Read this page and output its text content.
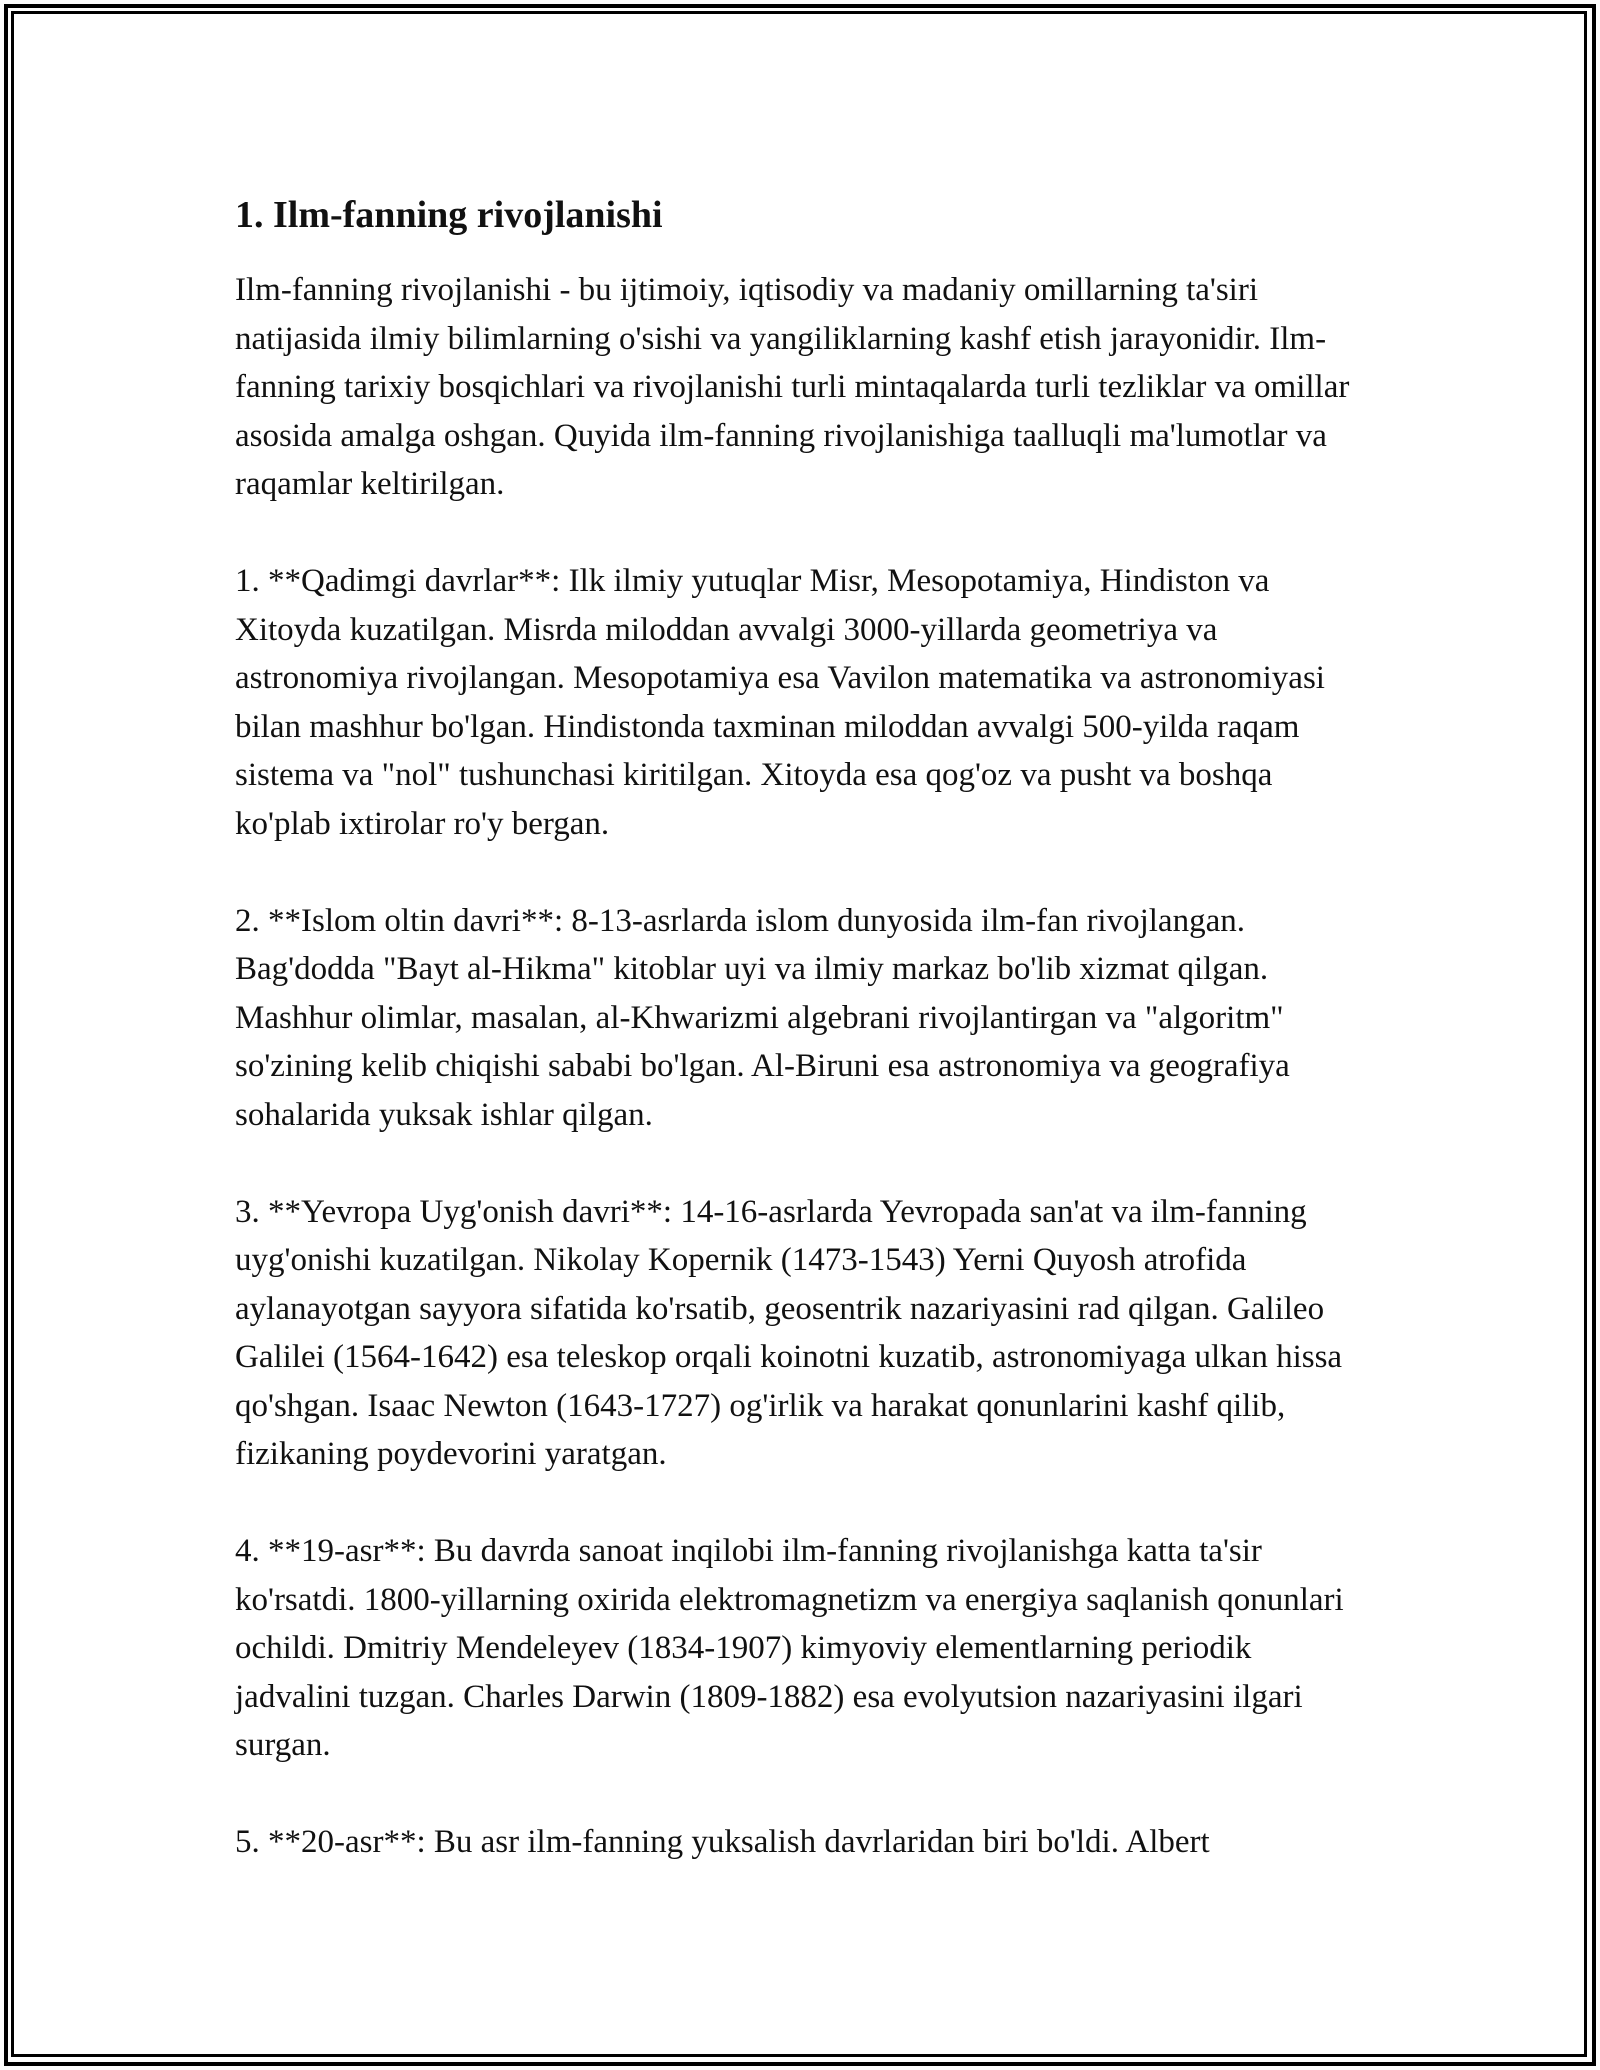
1. Ilm-fanning rivojlanishi

Ilm-fanning rivojlanishi - bu ijtimoiy, iqtisodiy va madaniy omillarning ta'siri natijasida ilmiy bilimlarning o'sishi va yangiliklarning kashf etish jarayonidir. Ilm-fanning tarixiy bosqichlari va rivojlanishi turli mintaqalarda turli tezliklar va omillar asosida amalga oshgan. Quyida ilm-fanning rivojlanishiga taalluqli ma'lumotlar va raqamlar keltirilgan.

1. **Qadimgi davrlar**: Ilk ilmiy yutuqlar Misr, Mesopotamiya, Hindiston va Xitoyda kuzatilgan. Misrda miloddan avvalgi 3000-yillarda geometriya va astronomiya rivojlangan. Mesopotamiya esa Vavilon matematika va astronomiyasi bilan mashhur bo'lgan. Hindistonda taxminan miloddan avvalgi 500-yilda raqam sistema va "nol" tushunchasi kiritilgan. Xitoyda esa qog'oz va pusht va boshqa ko'plab ixtirolar ro'y bergan.

2. **Islom oltin davri**: 8-13-asrlarda islom dunyosida ilm-fan rivojlangan. Bag'dodda "Bayt al-Hikma" kitoblar uyi va ilmiy markaz bo'lib xizmat qilgan. Mashhur olimlar, masalan, al-Khwarizmi algebrani rivojlantirgan va "algoritm" so'zining kelib chiqishi sababi bo'lgan. Al-Biruni esa astronomiya va geografiya sohalarida yuksak ishlar qilgan.

3. **Yevropa Uyg'onish davri**: 14-16-asrlarda Yevropada san'at va ilm-fanning uyg'onishi kuzatilgan. Nikolay Kopernik (1473-1543) Yerni Quyosh atrofida aylanayotgan sayyora sifatida ko'rsatib, geosentrik nazariyasini rad qilgan. Galileo Galilei (1564-1642) esa teleskop orqali koinotni kuzatib, astronomiyaga ulkan hissa qo'shgan. Isaac Newton (1643-1727) og'irlik va harakat qonunlarini kashf qilib, fizikaning poydevorini yaratgan.

4. **19-asr**: Bu davrda sanoat inqilobi ilm-fanning rivojlanishga katta ta'sir ko'rsatdi. 1800-yillarning oxirida elektromagnetizm va energiya saqlanish qonunlari ochildi. Dmitriy Mendeleyev (1834-1907) kimyoviy elementlarning periodik jadvalini tuzgan. Charles Darwin (1809-1882) esa evolyutsion nazariyasini ilgari surgan.

5. **20-asr**: Bu asr ilm-fanning yuksalish davrlaridan biri bo'ldi. Albert
